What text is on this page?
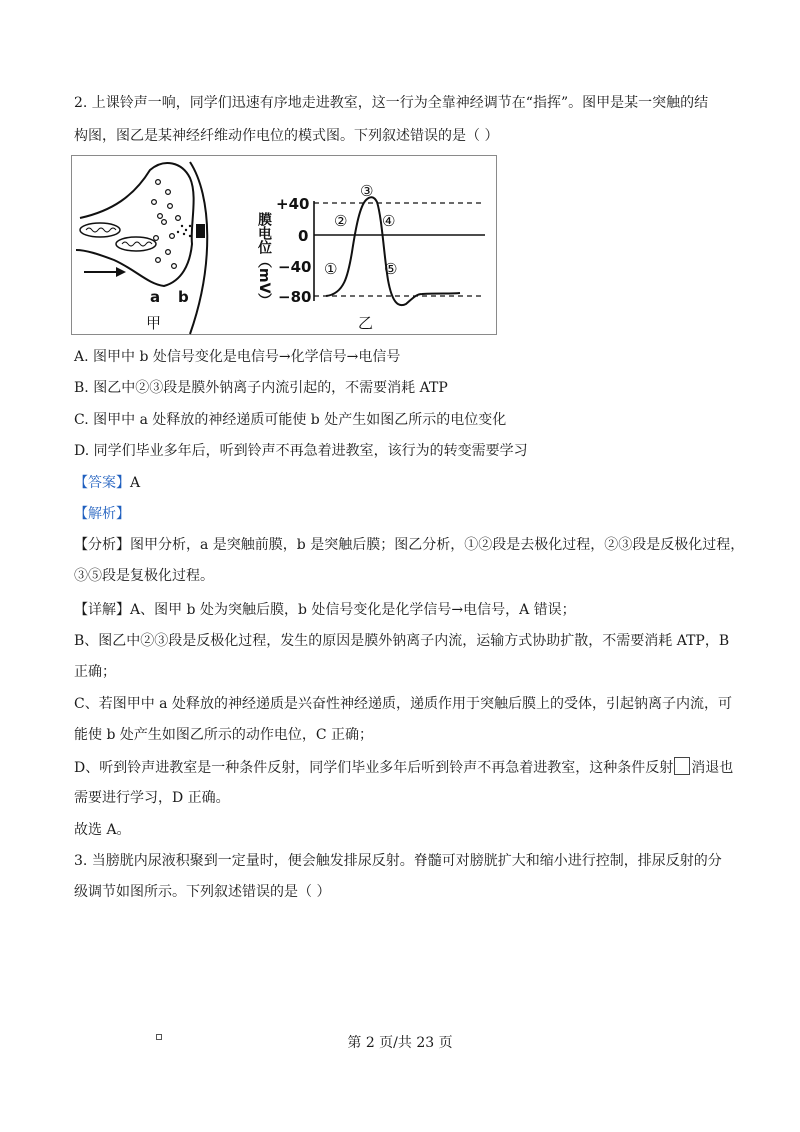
2. 上课铃声一响，同学们迅速有序地走进教室，这一行为全靠神经调节在“指挥”。图甲是某一突触的结
构图，图乙是某神经纤维动作电位的模式图。下列叙述错误的是（ ）
a b
甲
膜电位（mV）
+40
0
−40
−80
①
②
③
④
⑤
乙
A. 图甲中 b 处信号变化是电信号→化学信号→电信号
B. 图乙中②③段是膜外钠离子内流引起的，不需要消耗 ATP
C. 图甲中 a 处释放的神经递质可能使 b 处产生如图乙所示的电位变化
D. 同学们毕业多年后，听到铃声不再急着进教室，该行为的转变需要学习
【答案】A
【解析】
【分析】图甲分析，a 是突触前膜，b 是突触后膜；图乙分析，①②段是去极化过程，②③段是反极化过程，
③⑤段是复极化过程。
【详解】A、图甲 b 处为突触后膜，b 处信号变化是化学信号→电信号，A 错误；
B、图乙中②③段是反极化过程，发生的原因是膜外钠离子内流，运输方式协助扩散，不需要消耗 ATP，B
正确；
C、若图甲中 a 处释放的神经递质是兴奋性神经递质，递质作用于突触后膜上的受体，引起钠离子内流，可
能使 b 处产生如图乙所示的动作电位，C 正确；
D、听到铃声进教室是一种条件反射，同学们毕业多年后听到铃声不再急着进教室，这种条件反射 消退也
需要进行学习，D 正确。
故选 A。
3. 当膀胱内尿液积聚到一定量时，便会触发排尿反射。脊髓可对膀胱扩大和缩小进行控制，排尿反射的分
级调节如图所示。下列叙述错误的是（ ）
第 2 页/共 23 页
